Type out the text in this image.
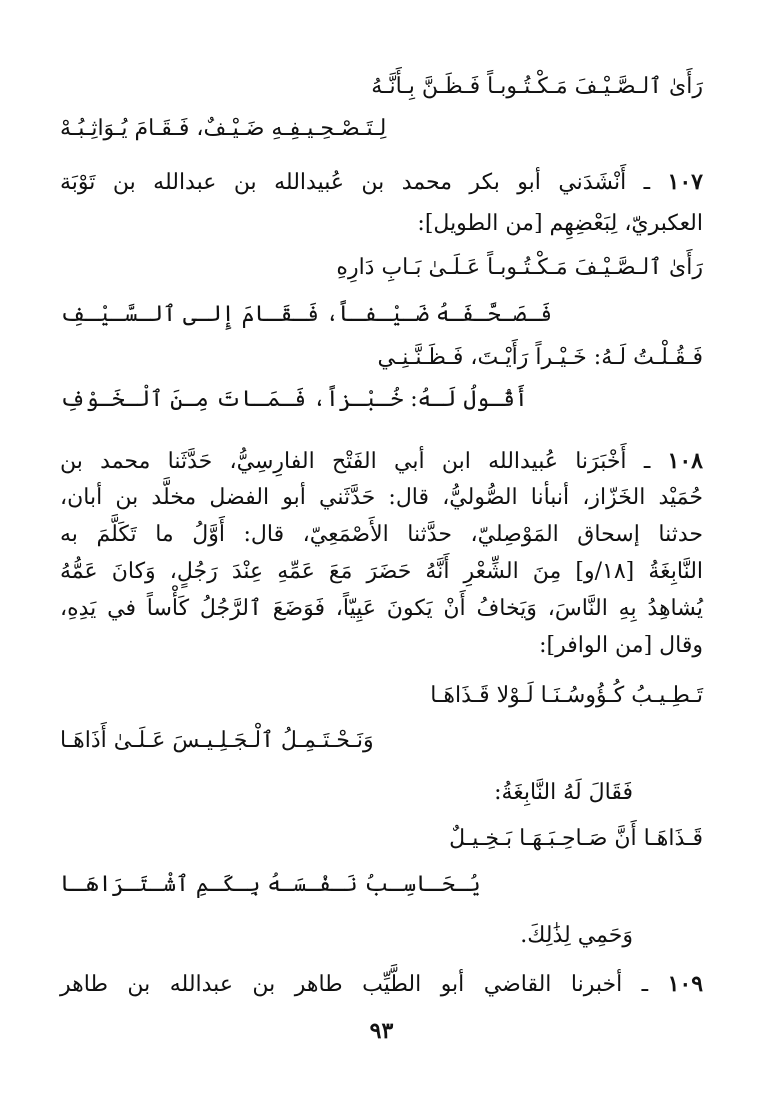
رَأَىٰ ٱلـصَّـيْـفَ مَـكْـتُـوبـاً فَـظَـنَّ بِـأَنَّـهُ
لِـتَـصْـحِـيـفِـهِ ضَـيْـفٌ، فَـقَـامَ يُـوَاثِـبُـهْ
١٠٧ ـ أَنْشَدَني أبو بكر محمد بن عُبيدالله بن عبدالله بن تَوْبَة
العكبريّ، لِبَعْضِهِم [من الطويل]:
رَأَىٰ ٱلـصَّـيْـفَ مَـكْـتُـوبـاً عَـلَـىٰ بَـابِ دَارِهِ
فَـصَـحَّـفَـهُ ضَـيْـفـاً، فَـقَـامَ إِلـى ٱلـسَّـيْـفِ
فَـقُـلْـتُ لَـهُ: خَـيْـراً رَأَيْـتَ، فَـظَـنَّـنِـي
أَقُـولُ لَـهُ: خُـبْـزاً، فَـمَـاتَ مِـنَ ٱلْـخَـوْفِ
١٠٨ ـ أَخْبَرَنا عُبيدالله ابن أبي الفَتْح الفارِسِيُّ، حَدَّثَنا محمد بن
حُمَيْد الخَزّاز، أنبأنا الصُّوليُّ، قال: حَدَّثَني أبو الفضل مخلَّد بن أبان،
حدثنا إسحاق المَوْصِليّ، حدَّثنا الأَصْمَعِيّ، قال: أَوَّلُ ما تَكَلَّمَ به
النَّابِغَةُ [١٨/و] مِنَ الشِّعْرِ أَنَّهُ حَضَرَ مَعَ عَمِّهِ عِنْدَ رَجُلٍ، وَكانَ عَمُّهُ
يُشاهِدُ بِهِ النَّاسَ، وَيَخافُ أَنْ يَكونَ عَيِيّاً، فَوَضَعَ ٱلرَّجُلُ كَأْساً في يَدِهِ،
وقال [من الوافر]:
تَـطِـيـبُ كُـؤُوسُـنَـا لَـوْلا قَـذَاهَـا
وَنَـحْـتَـمِـلُ ٱلْـجَـلِـيـسَ عَـلَـىٰ أَذَاهَـا
فَقَالَ لَهُ النَّابِغَةُ:
قَـذَاهَـا أَنَّ صَـاحِـبَـهَـا بَـخِـيـلٌ
يُـحَـاسِـبُ نَـفْـسَـهُ بِـكَـمِ ٱشْـتَـرَاهَـا
وَحَمِي لِذَٰلِكَ.
١٠٩ ـ أخبرنا القاضي أبو الطَّيِّب طاهر بن عبدالله بن طاهر
٩٣
